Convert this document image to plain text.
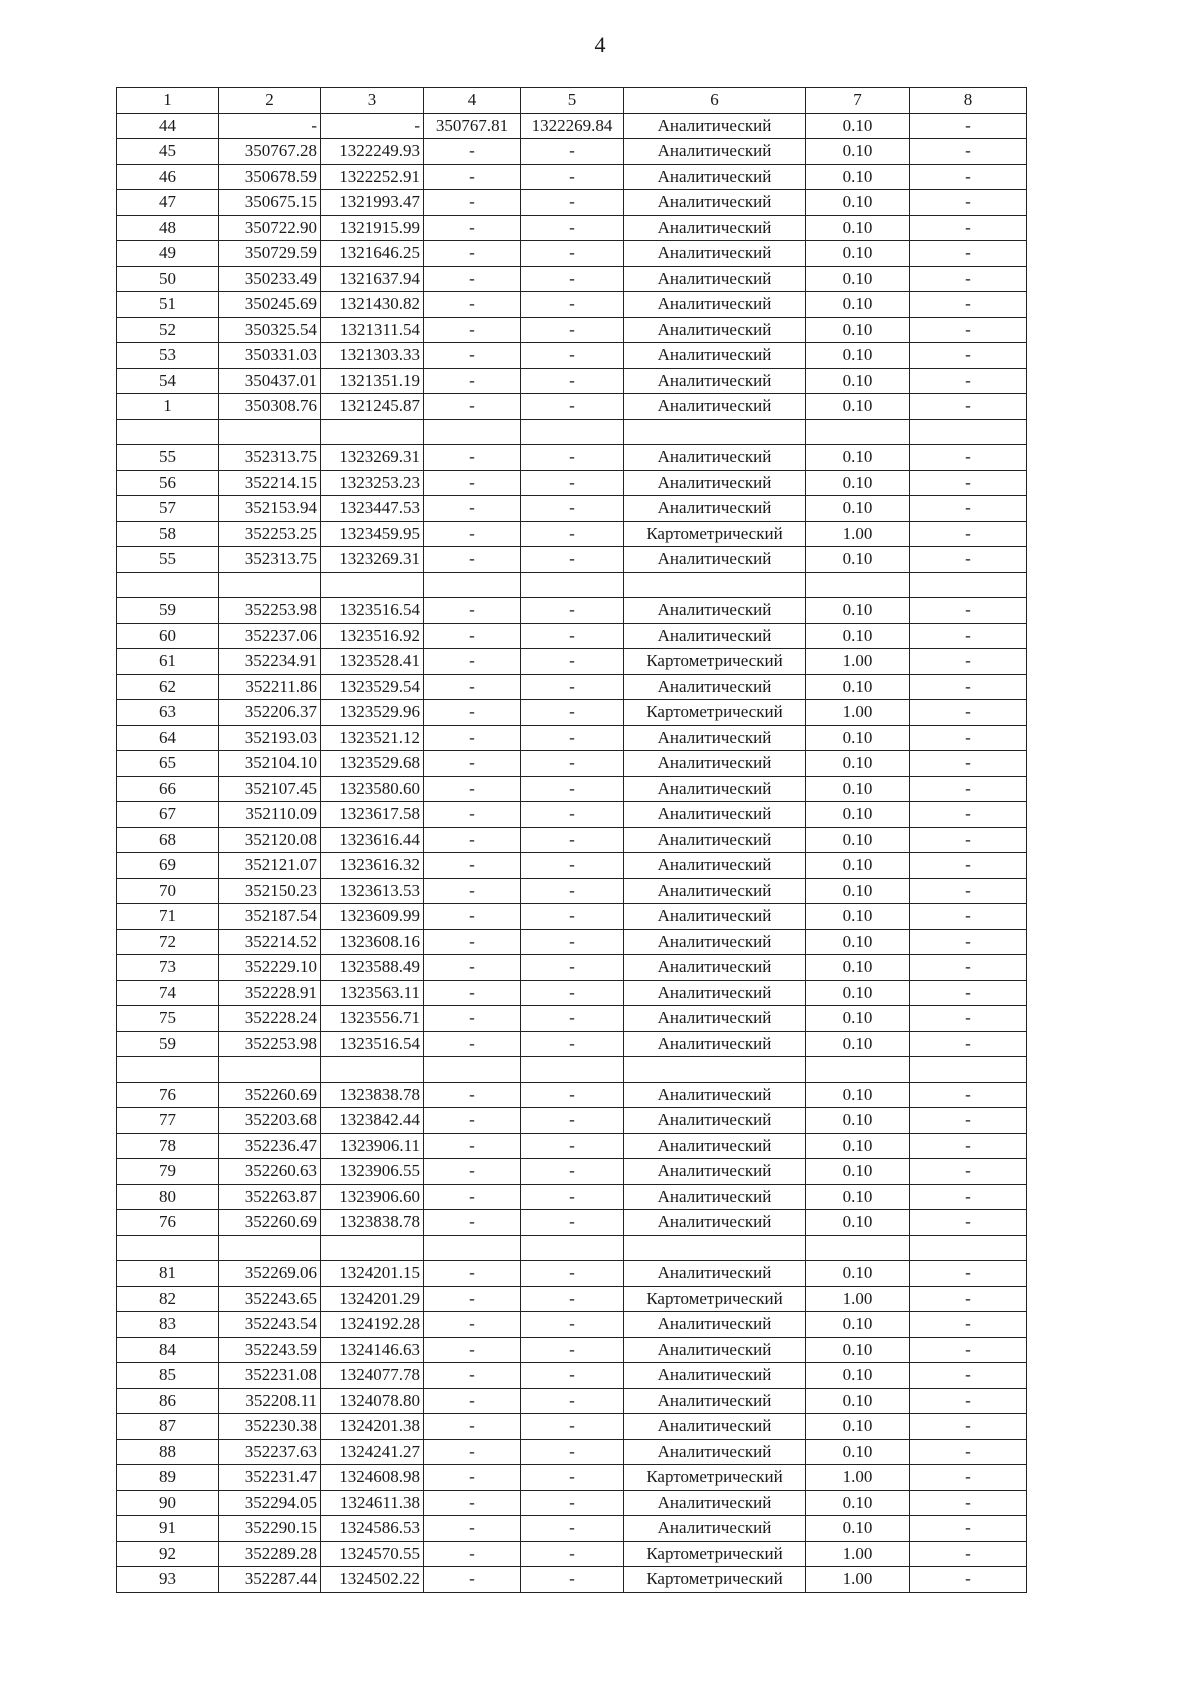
4
1	2	3	4	5	6	7	8
44	-	-	350767.81	1322269.84	Аналитический	0.10	-
45	350767.28	1322249.93	-	-	Аналитический	0.10	-
46	350678.59	1322252.91	-	-	Аналитический	0.10	-
47	350675.15	1321993.47	-	-	Аналитический	0.10	-
48	350722.90	1321915.99	-	-	Аналитический	0.10	-
49	350729.59	1321646.25	-	-	Аналитический	0.10	-
50	350233.49	1321637.94	-	-	Аналитический	0.10	-
51	350245.69	1321430.82	-	-	Аналитический	0.10	-
52	350325.54	1321311.54	-	-	Аналитический	0.10	-
53	350331.03	1321303.33	-	-	Аналитический	0.10	-
54	350437.01	1321351.19	-	-	Аналитический	0.10	-
1	350308.76	1321245.87	-	-	Аналитический	0.10	-

55	352313.75	1323269.31	-	-	Аналитический	0.10	-
56	352214.15	1323253.23	-	-	Аналитический	0.10	-
57	352153.94	1323447.53	-	-	Аналитический	0.10	-
58	352253.25	1323459.95	-	-	Картометрический	1.00	-
55	352313.75	1323269.31	-	-	Аналитический	0.10	-

59	352253.98	1323516.54	-	-	Аналитический	0.10	-
60	352237.06	1323516.92	-	-	Аналитический	0.10	-
61	352234.91	1323528.41	-	-	Картометрический	1.00	-
62	352211.86	1323529.54	-	-	Аналитический	0.10	-
63	352206.37	1323529.96	-	-	Картометрический	1.00	-
64	352193.03	1323521.12	-	-	Аналитический	0.10	-
65	352104.10	1323529.68	-	-	Аналитический	0.10	-
66	352107.45	1323580.60	-	-	Аналитический	0.10	-
67	352110.09	1323617.58	-	-	Аналитический	0.10	-
68	352120.08	1323616.44	-	-	Аналитический	0.10	-
69	352121.07	1323616.32	-	-	Аналитический	0.10	-
70	352150.23	1323613.53	-	-	Аналитический	0.10	-
71	352187.54	1323609.99	-	-	Аналитический	0.10	-
72	352214.52	1323608.16	-	-	Аналитический	0.10	-
73	352229.10	1323588.49	-	-	Аналитический	0.10	-
74	352228.91	1323563.11	-	-	Аналитический	0.10	-
75	352228.24	1323556.71	-	-	Аналитический	0.10	-
59	352253.98	1323516.54	-	-	Аналитический	0.10	-

76	352260.69	1323838.78	-	-	Аналитический	0.10	-
77	352203.68	1323842.44	-	-	Аналитический	0.10	-
78	352236.47	1323906.11	-	-	Аналитический	0.10	-
79	352260.63	1323906.55	-	-	Аналитический	0.10	-
80	352263.87	1323906.60	-	-	Аналитический	0.10	-
76	352260.69	1323838.78	-	-	Аналитический	0.10	-

81	352269.06	1324201.15	-	-	Аналитический	0.10	-
82	352243.65	1324201.29	-	-	Картометрический	1.00	-
83	352243.54	1324192.28	-	-	Аналитический	0.10	-
84	352243.59	1324146.63	-	-	Аналитический	0.10	-
85	352231.08	1324077.78	-	-	Аналитический	0.10	-
86	352208.11	1324078.80	-	-	Аналитический	0.10	-
87	352230.38	1324201.38	-	-	Аналитический	0.10	-
88	352237.63	1324241.27	-	-	Аналитический	0.10	-
89	352231.47	1324608.98	-	-	Картометрический	1.00	-
90	352294.05	1324611.38	-	-	Аналитический	0.10	-
91	352290.15	1324586.53	-	-	Аналитический	0.10	-
92	352289.28	1324570.55	-	-	Картометрический	1.00	-
93	352287.44	1324502.22	-	-	Картометрический	1.00	-
